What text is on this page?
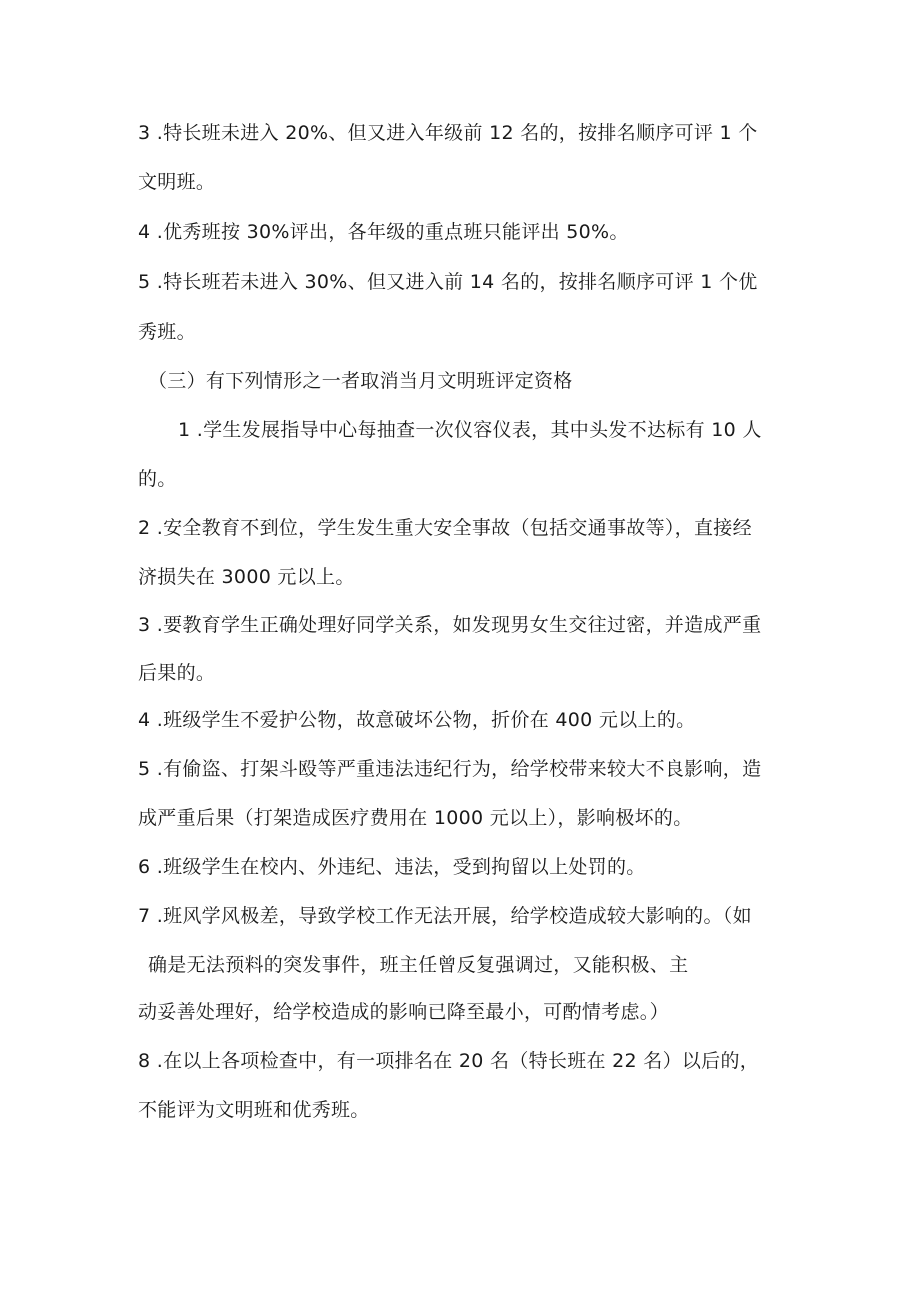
3 .特长班未进入 20%、但又进入年级前 12 名的，按排名顺序可评 1 个
文明班。
4 .优秀班按 30%评出，各年级的重点班只能评出 50%。
5 .特长班若未进入 30%、但又进入前 14 名的，按排名顺序可评 1 个优
秀班。
（三）有下列情形之一者取消当月文明班评定资格
1 .学生发展指导中心每抽查一次仪容仪表，其中头发不达标有 10 人
的。
2 .安全教育不到位，学生发生重大安全事故（包括交通事故等），直接经
济损失在 3000 元以上。
3 .要教育学生正确处理好同学关系，如发现男女生交往过密，并造成严重
后果的。
4 .班级学生不爱护公物，故意破坏公物，折价在 400 元以上的。
5 .有偷盗、打架斗殴等严重违法违纪行为，给学校带来较大不良影响，造
成严重后果（打架造成医疗费用在 1000 元以上），影响极坏的。
6 .班级学生在校内、外违纪、违法，受到拘留以上处罚的。
7 .班风学风极差，导致学校工作无法开展，给学校造成较大影响的。（如
确是无法预料的突发事件，班主任曾反复强调过，又能积极、主
动妥善处理好，给学校造成的影响已降至最小，可酌情考虑。）
8 .在以上各项检查中，有一项排名在 20 名（特长班在 22 名）以后的，
不能评为文明班和优秀班。
